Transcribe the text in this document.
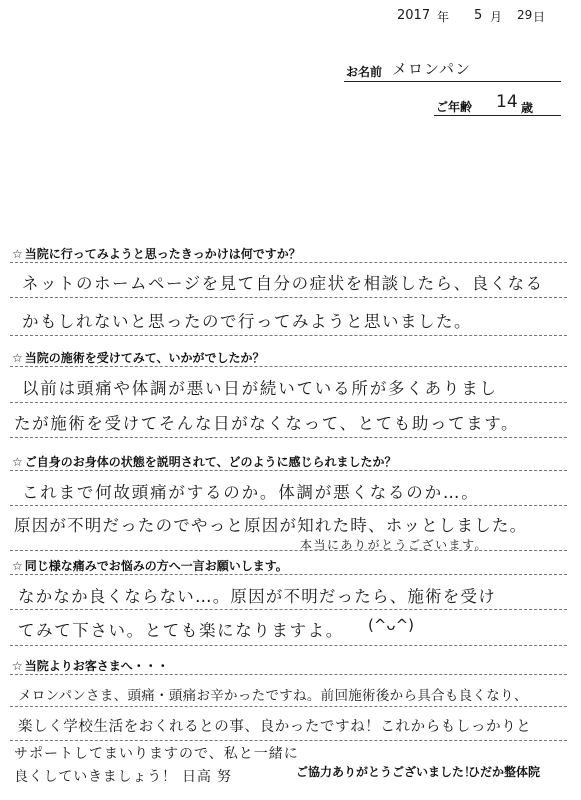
2017 年 5 月 29 日
お名前 メロンパン
ご年齢 14 歳
☆ 当院に行ってみようと思ったきっかけは何ですか？
ネットのホームページを見て自分の症状を相談したら、良くなる
かもしれないと思ったので行ってみようと思いました。
☆ 当院の施術を受けてみて、いかがでしたか？
以前は頭痛や体調が悪い日が続いている所が多くありまし
たが施術を受けてそんな日がなくなって、とても助ってます。
☆ ご自身のお身体の状態を説明されて、どのように感じられましたか？
これまで何故頭痛がするのか。体調が悪くなるのか…。
原因が不明だったのでやっと原因が知れた時、ホッとしました。
本当にありがとうございます。
☆ 同じ様な痛みでお悩みの方へ一言お願いします。
なかなか良くならない…。原因が不明だったら、施術を受け
てみて下さい。とても楽になりますよ。 (^ᴗ^)
☆ 当院よりお客さまへ・・・
メロンパンさま、頭痛・頭痛お辛かったですね。前回施術後から具合も良くなり、
楽しく学校生活をおくれるとの事、良かったですね！これからもしっかりと
サポートしてまいりますので、私と一緒に
良くしていきましょう！ 日高 努	ご協力ありがとうございました！
ひだか整体院
